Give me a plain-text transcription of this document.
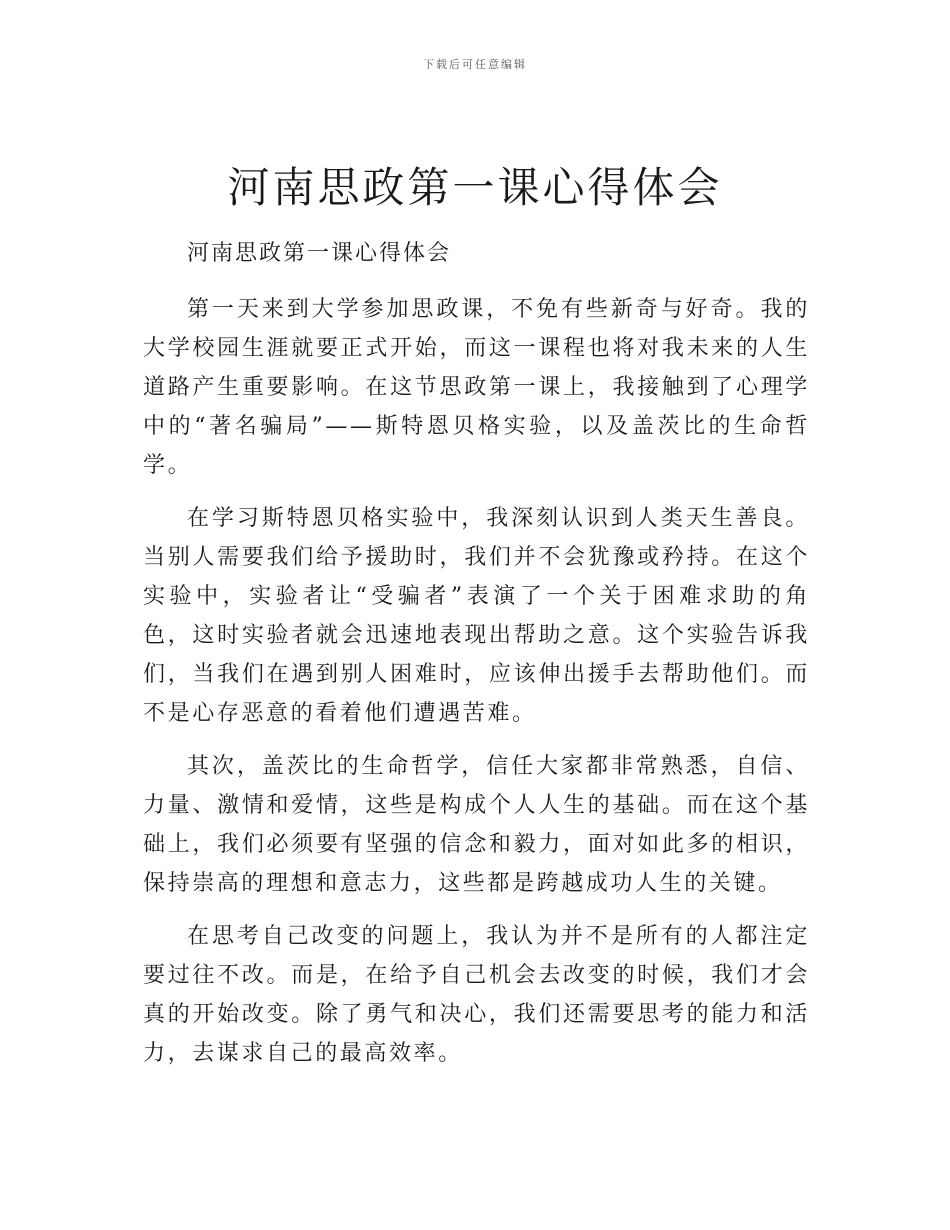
下载后可任意编辑
河南思政第一课心得体会

河南思政第一课心得体会

第一天来到大学参加思政课，不免有些新奇与好奇。我的大学校园生涯就要正式开始，而这一课程也将对我未来的人生道路产生重要影响。在这节思政第一课上，我接触到了心理学中的“著名骗局”——斯特恩贝格实验，以及盖茨比的生命哲学。

在学习斯特恩贝格实验中，我深刻认识到人类天生善良。当别人需要我们给予援助时，我们并不会犹豫或矜持。在这个实验中，实验者让“受骗者”表演了一个关于困难求助的角色，这时实验者就会迅速地表现出帮助之意。这个实验告诉我们，当我们在遇到别人困难时，应该伸出援手去帮助他们。而不是心存恶意的看着他们遭遇苦难。

其次，盖茨比的生命哲学，信任大家都非常熟悉，自信、力量、激情和爱情，这些是构成个人人生的基础。而在这个基础上，我们必须要有坚强的信念和毅力，面对如此多的相识，保持崇高的理想和意志力，这些都是跨越成功人生的关键。

在思考自己改变的问题上，我认为并不是所有的人都注定要过往不改。而是，在给予自己机会去改变的时候，我们才会真的开始改变。除了勇气和决心，我们还需要思考的能力和活力，去谋求自己的最高效率。
